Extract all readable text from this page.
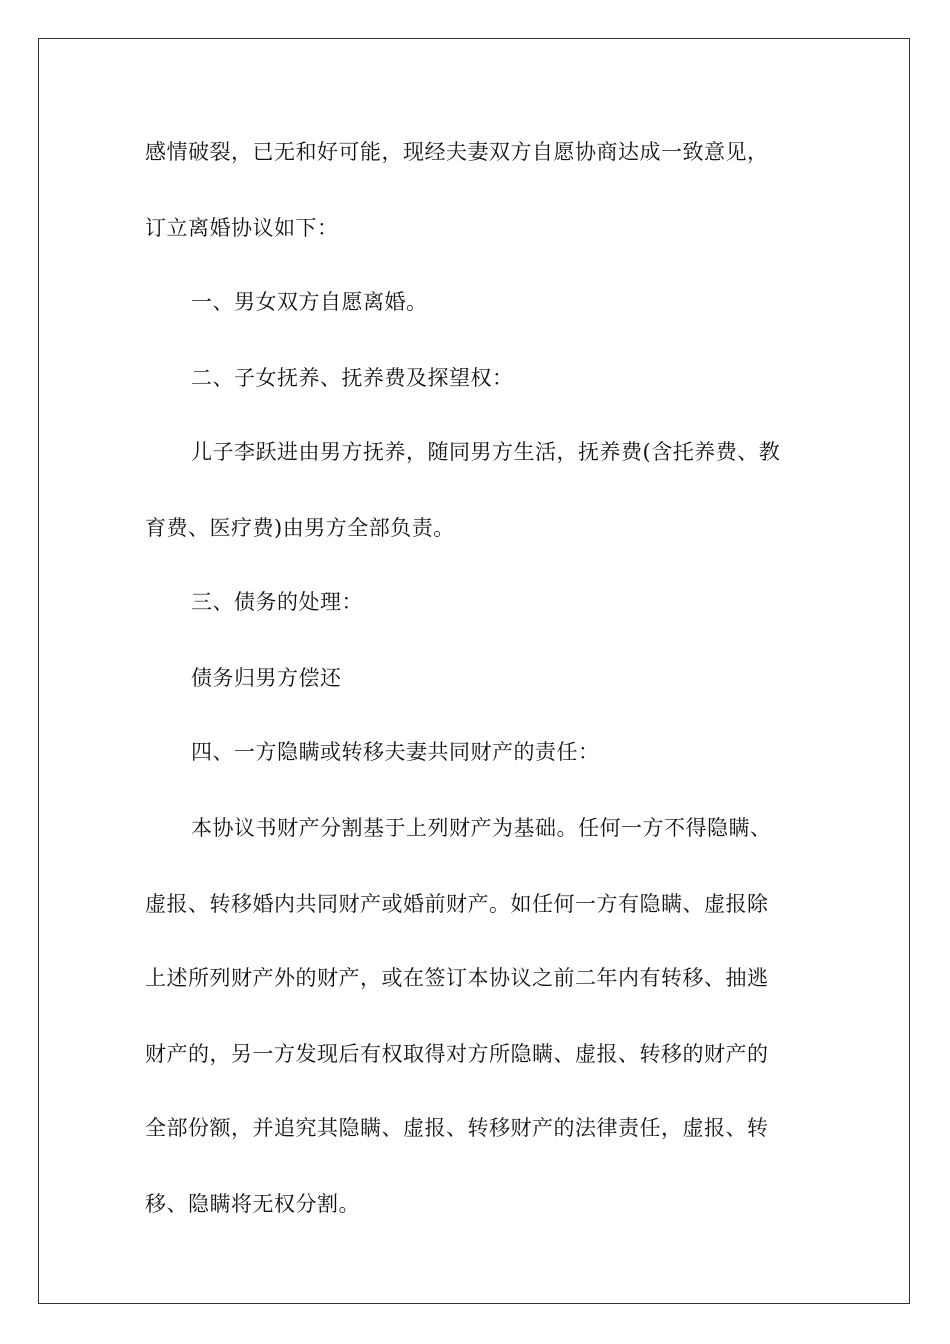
感情破裂，已无和好可能，现经夫妻双方自愿协商达成一致意见，
订立离婚协议如下：
一、男女双方自愿离婚。
二、子女抚养、抚养费及探望权：
儿子李跃进由男方抚养，随同男方生活，抚养费(含托养费、教
育费、医疗费)由男方全部负责。
三、债务的处理：
债务归男方偿还
四、一方隐瞒或转移夫妻共同财产的责任：
本协议书财产分割基于上列财产为基础。任何一方不得隐瞒、
虚报、转移婚内共同财产或婚前财产。如任何一方有隐瞒、虚报除
上述所列财产外的财产，或在签订本协议之前二年内有转移、抽逃
财产的，另一方发现后有权取得对方所隐瞒、虚报、转移的财产的
全部份额，并追究其隐瞒、虚报、转移财产的法律责任，虚报、转
移、隐瞒将无权分割。
